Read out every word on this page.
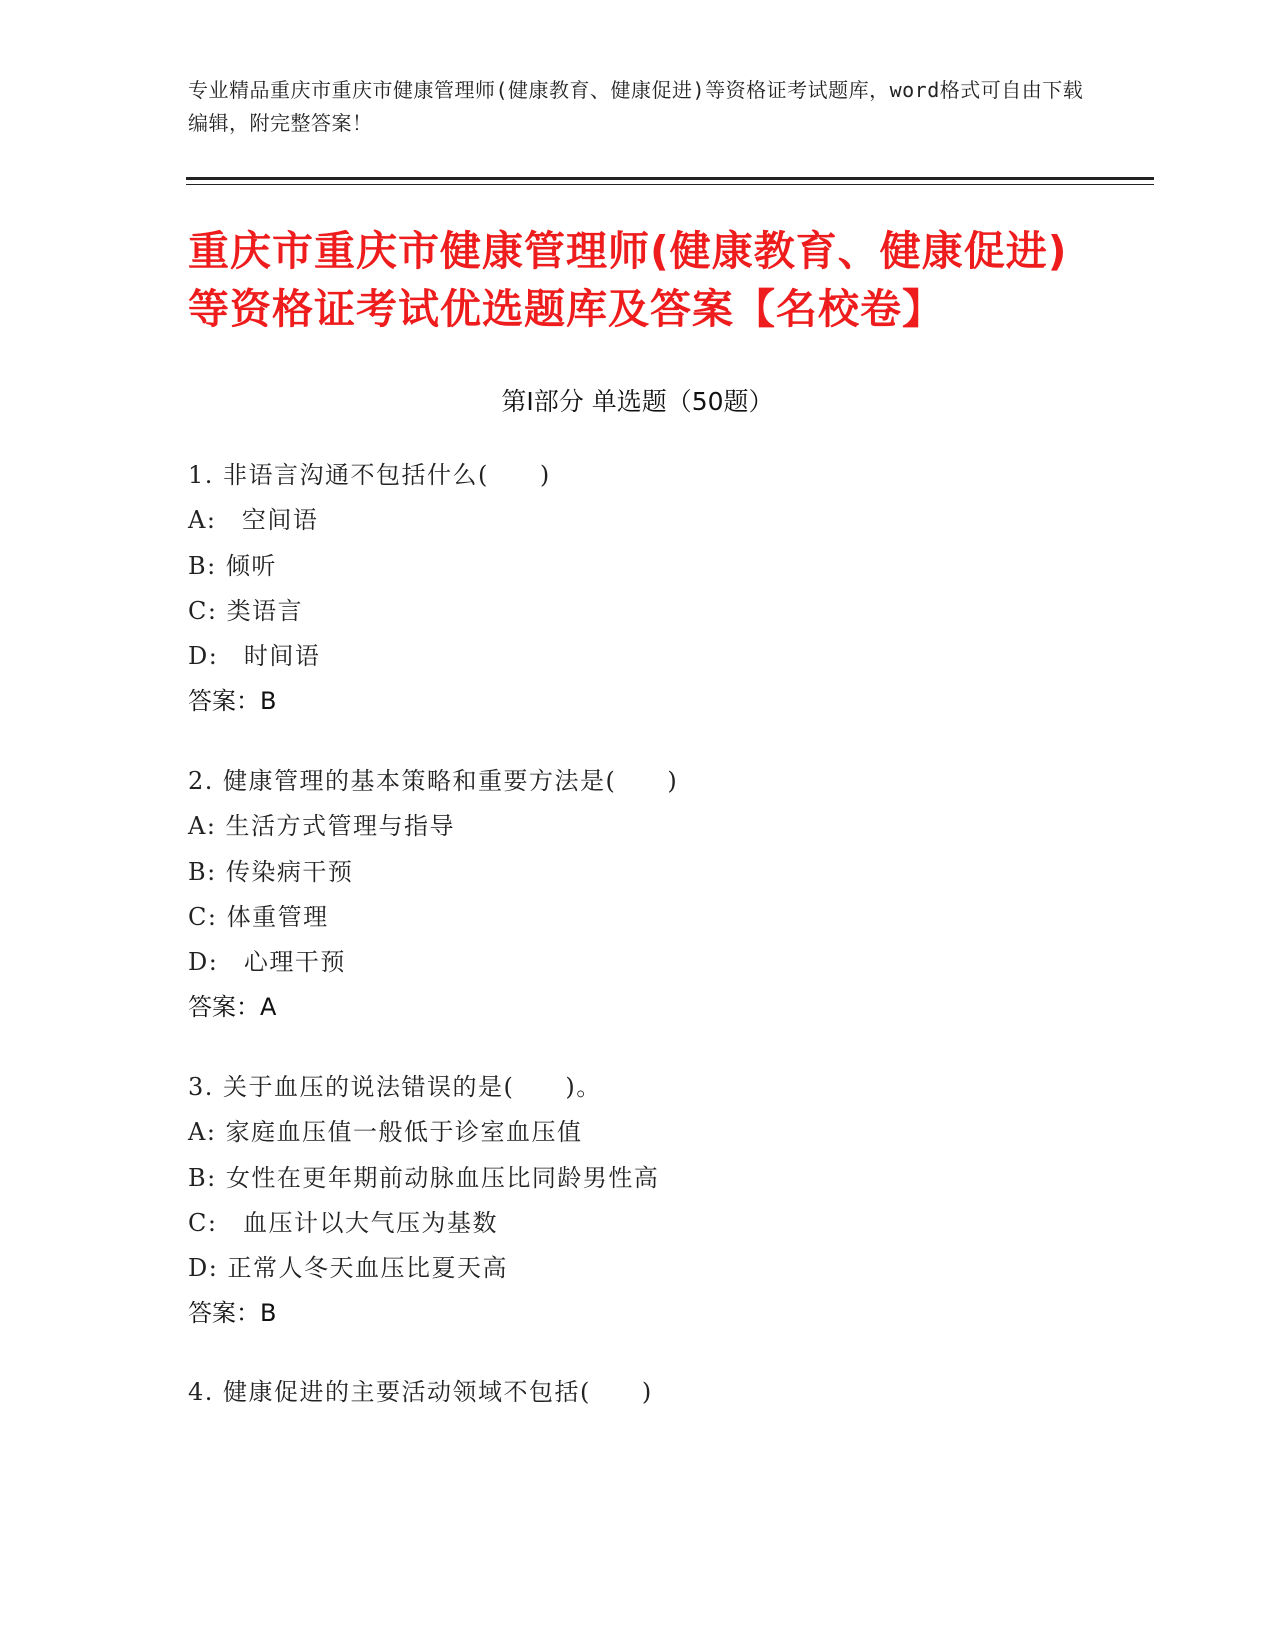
专业精品重庆市重庆市健康管理师(健康教育、健康促进)等资格证考试题库，word格式可自由下载编辑，附完整答案！
重庆市重庆市健康管理师(健康教育、健康促进)等资格证考试优选题库及答案【名校卷】
第Ⅰ部分 单选题（50题）
1. 非语言沟通不包括什么(　　)
A:　空间语
B: 倾听
C: 类语言
D:　时间语
答案：B
2. 健康管理的基本策略和重要方法是(　　)
A: 生活方式管理与指导
B: 传染病干预
C: 体重管理
D:　心理干预
答案：A
3. 关于血压的说法错误的是(　　)。
A: 家庭血压值一般低于诊室血压值
B: 女性在更年期前动脉血压比同龄男性高
C:　血压计以大气压为基数
D: 正常人冬天血压比夏天高
答案：B
4. 健康促进的主要活动领域不包括(　　)
